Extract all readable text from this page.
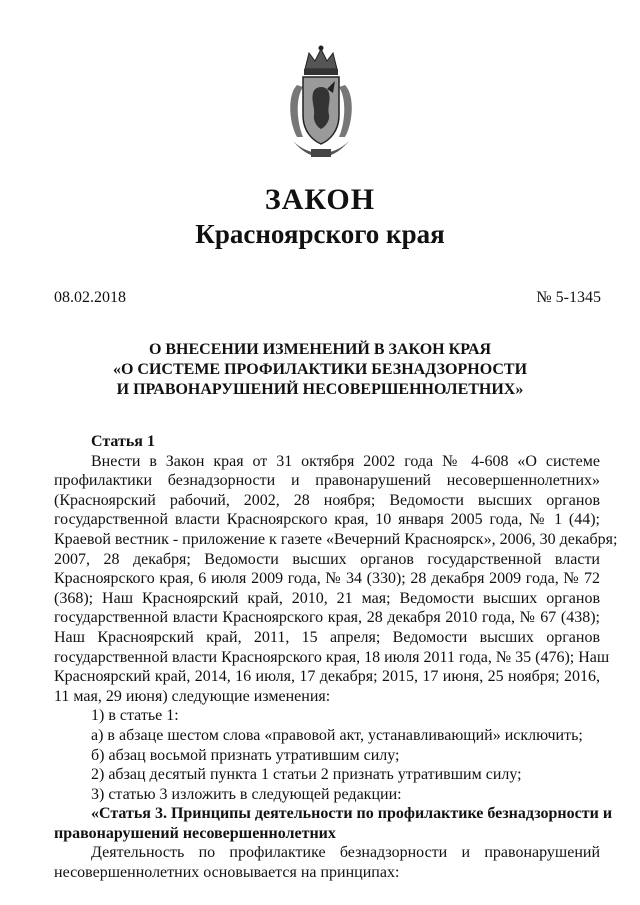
ЗАКОН
Красноярского края
08.02.2018	№ 5-1345
О ВНЕСЕНИИ ИЗМЕНЕНИЙ В ЗАКОН КРАЯ
«О СИСТЕМЕ ПРОФИЛАКТИКИ БЕЗНАДЗОРНОСТИ
И ПРАВОНАРУШЕНИЙ НЕСОВЕРШЕННОЛЕТНИХ»
Статья 1
Внести в Закон края от 31 октября 2002 года № 4-608 «О системе
профилактики безнадзорности и правонарушений несовершеннолетних»
(Красноярский рабочий, 2002, 28 ноября; Ведомости высших органов
государственной власти Красноярского края, 10 января 2005 года, № 1 (44);
Краевой вестник - приложение к газете «Вечерний Красноярск», 2006, 30 декабря;
2007, 28 декабря; Ведомости высших органов государственной власти
Красноярского края, 6 июля 2009 года, № 34 (330); 28 декабря 2009 года, № 72
(368); Наш Красноярский край, 2010, 21 мая; Ведомости высших органов
государственной власти Красноярского края, 28 декабря 2010 года, № 67 (438);
Наш Красноярский край, 2011, 15 апреля; Ведомости высших органов
государственной власти Красноярского края, 18 июля 2011 года, № 35 (476); Наш
Красноярский край, 2014, 16 июля, 17 декабря; 2015, 17 июня, 25 ноября; 2016,
11 мая, 29 июня) следующие изменения:
1) в статье 1:
а) в абзаце шестом слова «правовой акт, устанавливающий» исключить;
б) абзац восьмой признать утратившим силу;
2) абзац десятый пункта 1 статьи 2 признать утратившим силу;
3) статью 3 изложить в следующей редакции:
«Статья 3. Принципы деятельности по профилактике безнадзорности и
правонарушений несовершеннолетних
Деятельность по профилактике безнадзорности и правонарушений
несовершеннолетних основывается на принципах:
